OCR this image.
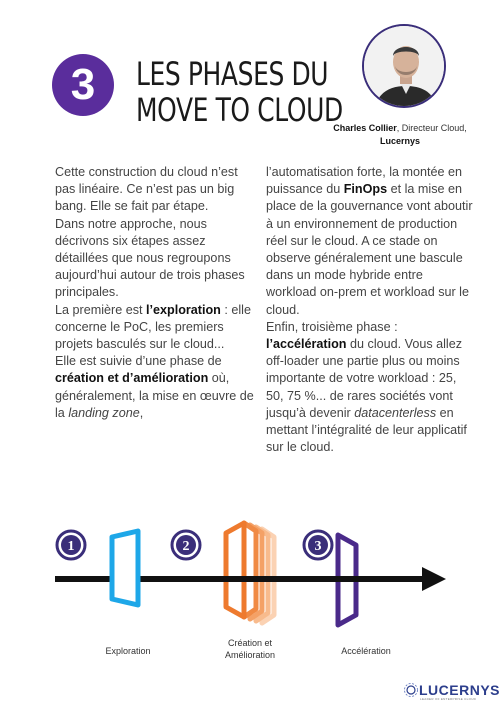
3	LES PHASES DU
MOVE TO CLOUD
Charles Collier, Directeur Cloud, Lucernys

Cette construction du cloud n’est pas linéaire. Ce n’est pas un big bang. Elle se fait par étape.

Dans notre approche, nous décrivons six étapes assez détaillées que nous regroupons aujourd’hui autour de trois phases principales.

La première est l’exploration : elle concerne le PoC, les premiers projets basculés sur le cloud...

Elle est suivie d’une phase de création et d’amélioration où, généralement, la mise en œuvre de la landing zone,

l’automatisation forte, la montée en puissance du FinOps et la mise en place de la gouvernance vont aboutir à un environnement de production réel sur le cloud. A ce stade on observe généralement une bascule dans un mode hybride entre workload on-prem et workload sur le cloud.

Enfin, troisième phase : l’accélération du cloud. Vous allez off-loader une partie plus ou moins importante de votre workload : 25, 50, 75 %... de rares sociétés vont jusqu’à devenir datacenterless en mettant l’intégralité de leur applicatif sur le cloud.

1	2	3
Exploration
Création et
Amélioration	Accélération
LUCERNYS
LEADER OF ENTERPRISE CLOUD
